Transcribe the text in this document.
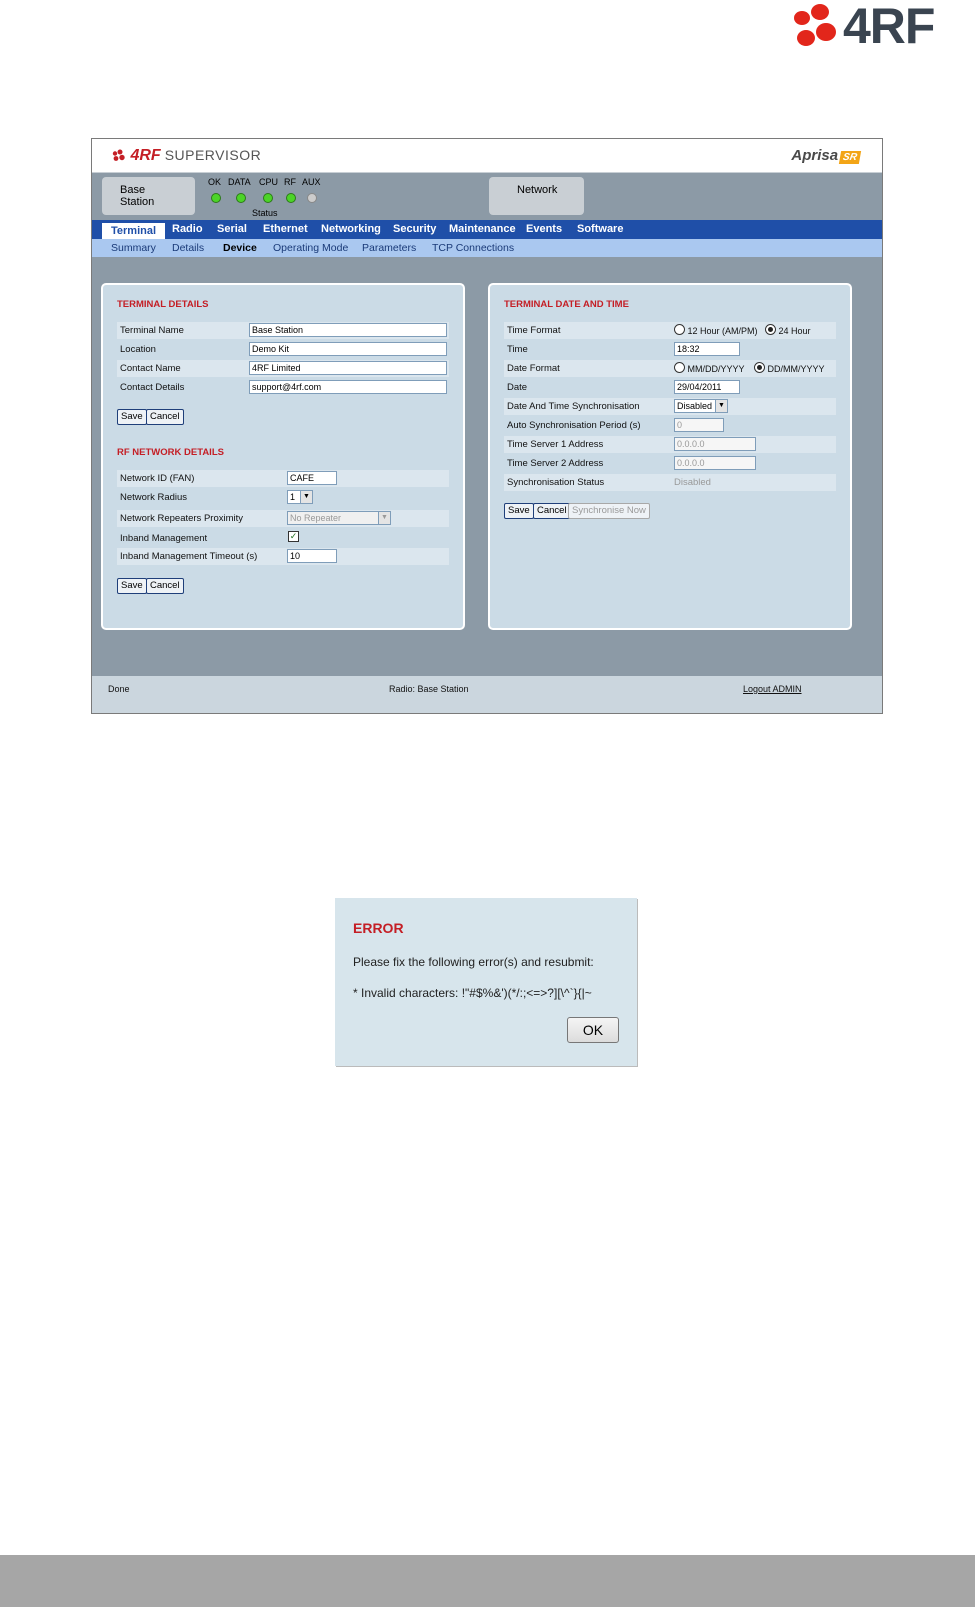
4RF
4RF SUPERVISOR	Aprisa SR
Base Station
OK DATA CPU RF AUX
Status
Network
Terminal	Radio Serial Ethernet Networking Security Maintenance Events Software
Summary Details Device Operating Mode Parameters TCP Connections
TERMINAL DETAILS
Terminal Name	Base Station
Location	Demo Kit
Contact Name	4RF Limited
Contact Details	support@4rf.com
Save Cancel
RF NETWORK DETAILS
Network ID (FAN)	CAFE
Network Radius	1	▼
Network Repeaters Proximity	No Repeater	▼
Inband Management	✓
Inband Management Timeout (s)	10
Save Cancel
TERMINAL DATE AND TIME
Time Format	12 Hour (AM/PM)	24 Hour
Time	18:32
Date Format	MM/DD/YYYY	DD/MM/YYYY
Date	29/04/2011
Date And Time Synchronisation	Disabled ▼
Auto Synchronisation Period (s)	0
Time Server 1 Address	0.0.0.0
Time Server 2 Address	0.0.0.0
Synchronisation Status	Disabled
Save Cancel Synchronise Now
Done	Radio: Base Station	Logout ADMIN
ERROR
Please fix the following error(s) and resubmit:
* Invalid characters: !"#$%&')(*/:;<=>?][\^`}{|~
OK
